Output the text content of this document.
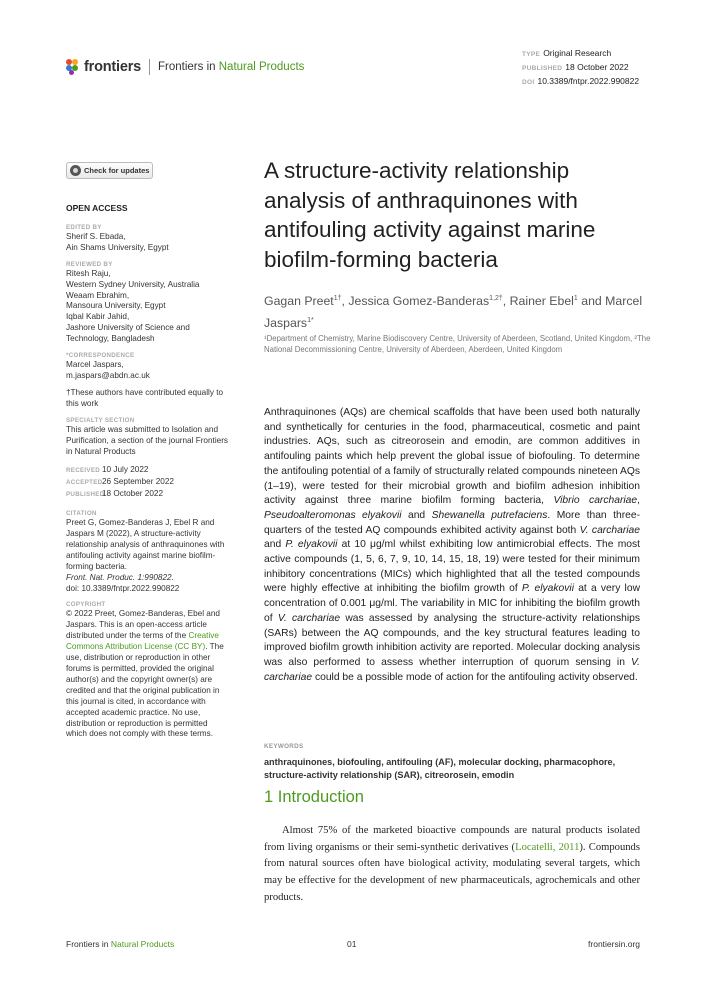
frontiers Frontiers in Natural Products
TYPE Original Research
PUBLISHED 18 October 2022
DOI 10.3389/fntpr.2022.990822
Check for updates
OPEN ACCESS
EDITED BY
Sherif S. Ebada,
Ain Shams University, Egypt
REVIEWED BY
Ritesh Raju,
Western Sydney University, Australia
Weaam Ebrahim,
Mansoura University, Egypt
Iqbal Kabir Jahid,
Jashore University of Science and Technology, Bangladesh
*CORRESPONDENCE
Marcel Jaspars,
m.jaspars@abdn.ac.uk
†These authors have contributed equally to this work
SPECIALTY SECTION
This article was submitted to Isolation and Purification, a section of the journal Frontiers in Natural Products
RECEIVED 10 July 2022
ACCEPTED26 September 2022
PUBLISHED18 October 2022
CITATION
Preet G, Gomez-Banderas J, Ebel R and Jaspars M (2022), A structure-activity relationship analysis of anthraquinones with antifouling activity against marine biofilm-forming bacteria.
Front. Nat. Produc. 1:990822.
doi: 10.3389/fntpr.2022.990822
COPYRIGHT
© 2022 Preet, Gomez-Banderas, Ebel and Jaspars. This is an open-access article distributed under the terms of the Creative Commons Attribution License (CC BY). The use, distribution or reproduction in other forums is permitted, provided the original author(s) and the copyright owner(s) are credited and that the original publication in this journal is cited, in accordance with accepted academic practice. No use, distribution or reproduction is permitted which does not comply with these terms.
A structure-activity relationship analysis of anthraquinones with antifouling activity against marine biofilm-forming bacteria
Gagan Preet$^{1\dagger}$, Jessica Gomez-Banderas$^{1,2\dagger}$, Rainer Ebel$^1$ and Marcel Jaspars$^{1*}$
¹Department of Chemistry, Marine Biodiscovery Centre, University of Aberdeen, Scotland, United Kingdom, ²The National Decommissioning Centre, University of Aberdeen, Aberdeen, United Kingdom
Anthraquinones (AQs) are chemical scaffolds that have been used both naturally and synthetically for centuries in the food, pharmaceutical, cosmetic and paint industries. AQs, such as citreorosein and emodin, are common additives in antifouling paints which help prevent the global issue of biofouling. To determine the antifouling potential of a family of structurally related compounds nineteen AQs (1–19), were tested for their microbial growth and biofilm adhesion inhibition activity against three marine biofilm forming bacteria, Vibrio carchariae, Pseudoalteromonas elyakovii and Shewanella putrefaciens. More than three-quarters of the tested AQ compounds exhibited activity against both V. carchariae and P. elyakovii at 10 μg/ml whilst exhibiting low antimicrobial effects. The most active compounds (1, 5, 6, 7, 9, 10, 14, 15, 18, 19) were tested for their minimum inhibitory concentrations (MICs) which highlighted that all the tested compounds were highly effective at inhibiting the biofilm growth of P. elyakovii at a very low concentration of 0.001 μg/ml. The variability in MIC for inhibiting the biofilm growth of V. carchariae was assessed by analysing the structure-activity relationships (SARs) between the AQ compounds, and the key structural features leading to improved biofilm growth inhibition activity are reported. Molecular docking analysis was also performed to assess whether interruption of quorum sensing in V. carchariae could be a possible mode of action for the antifouling activity observed.
KEYWORDS
anthraquinones, biofouling, antifouling (AF), molecular docking, pharmacophore, structure-activity relationship (SAR), citreorosein, emodin
1 Introduction
Almost 75% of the marketed bioactive compounds are natural products isolated from living organisms or their semi-synthetic derivatives (Locatelli, 2011). Compounds from natural sources often have biological activity, modulating several targets, which may be effective for the development of new pharmaceuticals, agrochemicals and other products.
Frontiers in Natural Products	01	frontiersin.org
